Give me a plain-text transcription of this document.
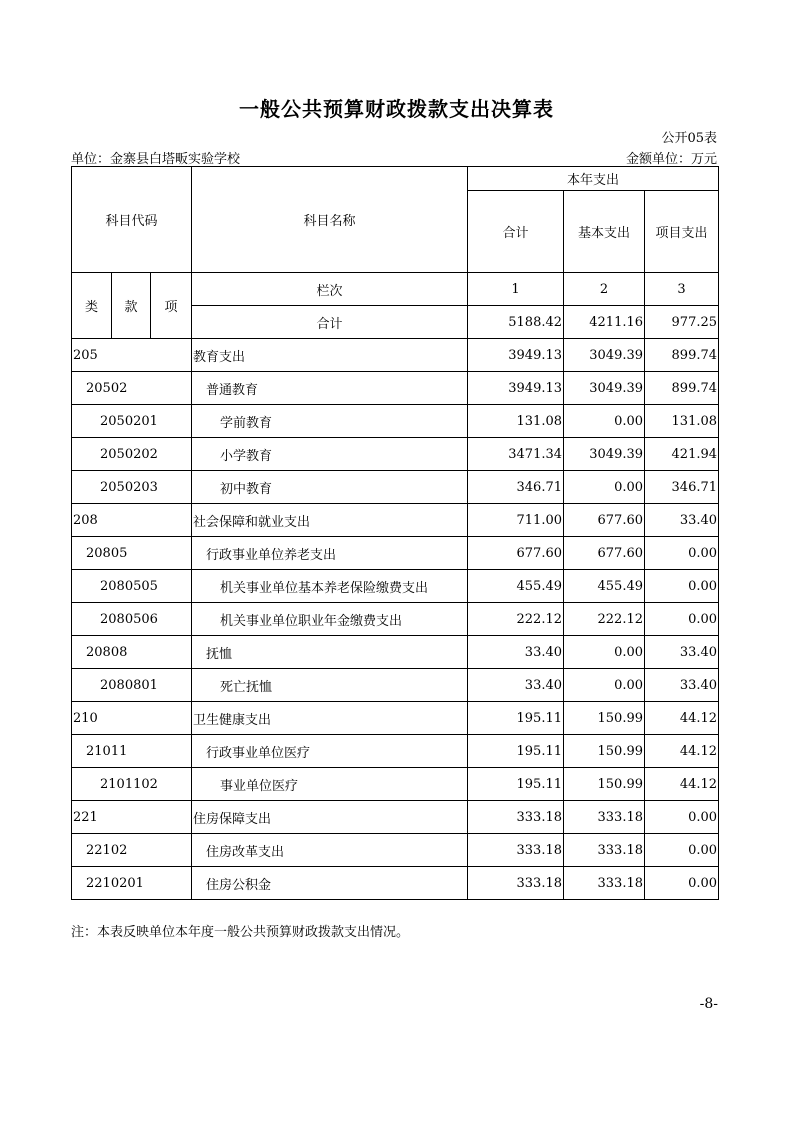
一般公共预算财政拨款支出决算表
公开05表
单位：金寨县白塔畈实验学校	金额单位：万元
科目代码			科目名称	本年支出		
				合计	基本支出	项目支出
类	款	项	栏次	1	2	3
			合计	5188.42	4211.16	977.25
205			教育支出	3949.13	3049.39	899.74
20502			普通教育	3949.13	3049.39	899.74
2050201			学前教育	131.08	0.00	131.08
2050202			小学教育	3471.34	3049.39	421.94
2050203			初中教育	346.71	0.00	346.71
208			社会保障和就业支出	711.00	677.60	33.40
20805			行政事业单位养老支出	677.60	677.60	0.00
2080505			机关事业单位基本养老保险缴费支出	455.49	455.49	0.00
2080506			机关事业单位职业年金缴费支出	222.12	222.12	0.00
20808			抚恤	33.40	0.00	33.40
2080801			死亡抚恤	33.40	0.00	33.40
210			卫生健康支出	195.11	150.99	44.12
21011			行政事业单位医疗	195.11	150.99	44.12
2101102			事业单位医疗	195.11	150.99	44.12
221			住房保障支出	333.18	333.18	0.00
22102			住房改革支出	333.18	333.18	0.00
2210201			住房公积金	333.18	333.18	0.00
注：本表反映单位本年度一般公共预算财政拨款支出情况。
-8-
